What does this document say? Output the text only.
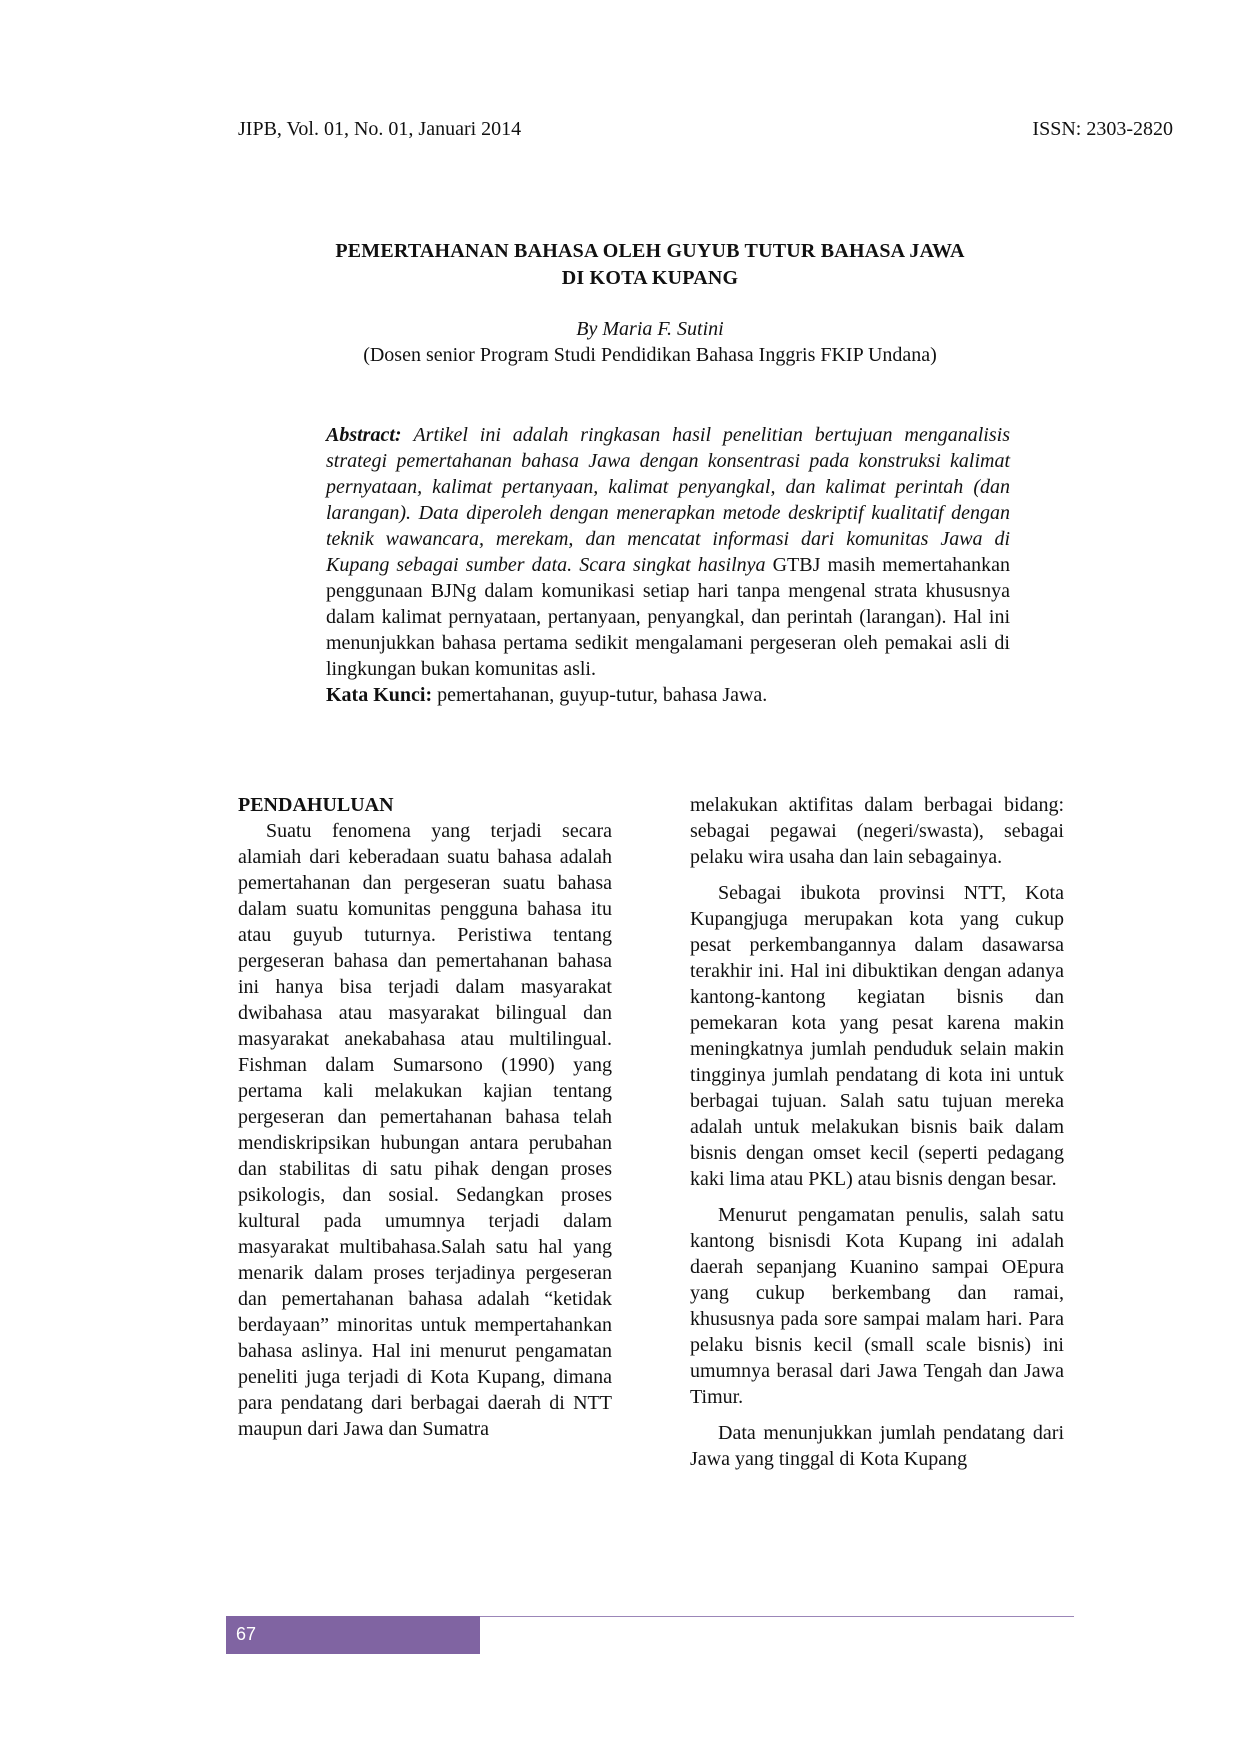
JIPB, Vol. 01, No. 01, Januari 2014	ISSN: 2303-2820
PEMERTAHANAN BAHASA OLEH GUYUB TUTUR BAHASA JAWA
DI KOTA KUPANG
By Maria F. Sutini
(Dosen senior Program Studi Pendidikan Bahasa Inggris FKIP Undana)
Abstract: Artikel ini adalah ringkasan hasil penelitian bertujuan menganalisis strategi pemertahanan bahasa Jawa dengan konsentrasi pada konstruksi kalimat pernyataan, kalimat pertanyaan, kalimat penyangkal, dan kalimat perintah (dan larangan). Data diperoleh dengan menerapkan metode deskriptif kualitatif dengan teknik wawancara, merekam, dan mencatat informasi dari komunitas Jawa di Kupang sebagai sumber data. Scara singkat hasilnya GTBJ masih memertahankan penggunaan BJNg dalam komunikasi setiap hari tanpa mengenal strata khususnya dalam kalimat pernyataan, pertanyaan, penyangkal, dan perintah (larangan). Hal ini menunjukkan bahasa pertama sedikit mengalamani pergeseran oleh pemakai asli di lingkungan bukan komunitas asli.
Kata Kunci: pemertahanan, guyup-tutur, bahasa Jawa.

PENDAHULUAN

Suatu fenomena yang terjadi secara alamiah dari keberadaan suatu bahasa adalah pemertahanan dan pergeseran suatu bahasa dalam suatu komunitas pengguna bahasa itu atau guyub tuturnya. Peristiwa tentang pergeseran bahasa dan pemertahanan bahasa ini hanya bisa terjadi dalam masyarakat dwibahasa atau masyarakat bilingual dan masyarakat anekabahasa atau multilingual. Fishman dalam Sumarsono (1990) yang pertama kali melakukan kajian tentang pergeseran dan pemertahanan bahasa telah mendiskripsikan hubungan antara perubahan dan stabilitas di satu pihak dengan proses psikologis, dan sosial. Sedangkan proses kultural pada umumnya terjadi dalam masyarakat multibahasa.Salah satu hal yang menarik dalam proses terjadinya pergeseran dan pemertahanan bahasa adalah “ketidak berdayaan” minoritas untuk mempertahankan bahasa aslinya. Hal ini menurut pengamatan peneliti juga terjadi di Kota Kupang, dimana para pendatang dari berbagai daerah di NTT maupun dari Jawa dan Sumatra

melakukan aktifitas dalam berbagai bidang: sebagai pegawai (negeri/swasta), sebagai pelaku wira usaha dan lain sebagainya.

Sebagai ibukota provinsi NTT, Kota Kupangjuga merupakan kota yang cukup pesat perkembangannya dalam dasawarsa terakhir ini. Hal ini dibuktikan dengan adanya kantong-kantong kegiatan bisnis dan pemekaran kota yang pesat karena makin meningkatnya jumlah penduduk selain makin tingginya jumlah pendatang di kota ini untuk berbagai tujuan. Salah satu tujuan mereka adalah untuk melakukan bisnis baik dalam bisnis dengan omset kecil (seperti pedagang kaki lima atau PKL) atau bisnis dengan besar.

Menurut pengamatan penulis, salah satu kantong bisnisdi Kota Kupang ini adalah daerah sepanjang Kuanino sampai OEpura yang cukup berkembang dan ramai, khususnya pada sore sampai malam hari. Para pelaku bisnis kecil (small scale bisnis) ini umumnya berasal dari Jawa Tengah dan Jawa Timur.

Data menunjukkan jumlah pendatang dari Jawa yang tinggal di Kota Kupang

67
